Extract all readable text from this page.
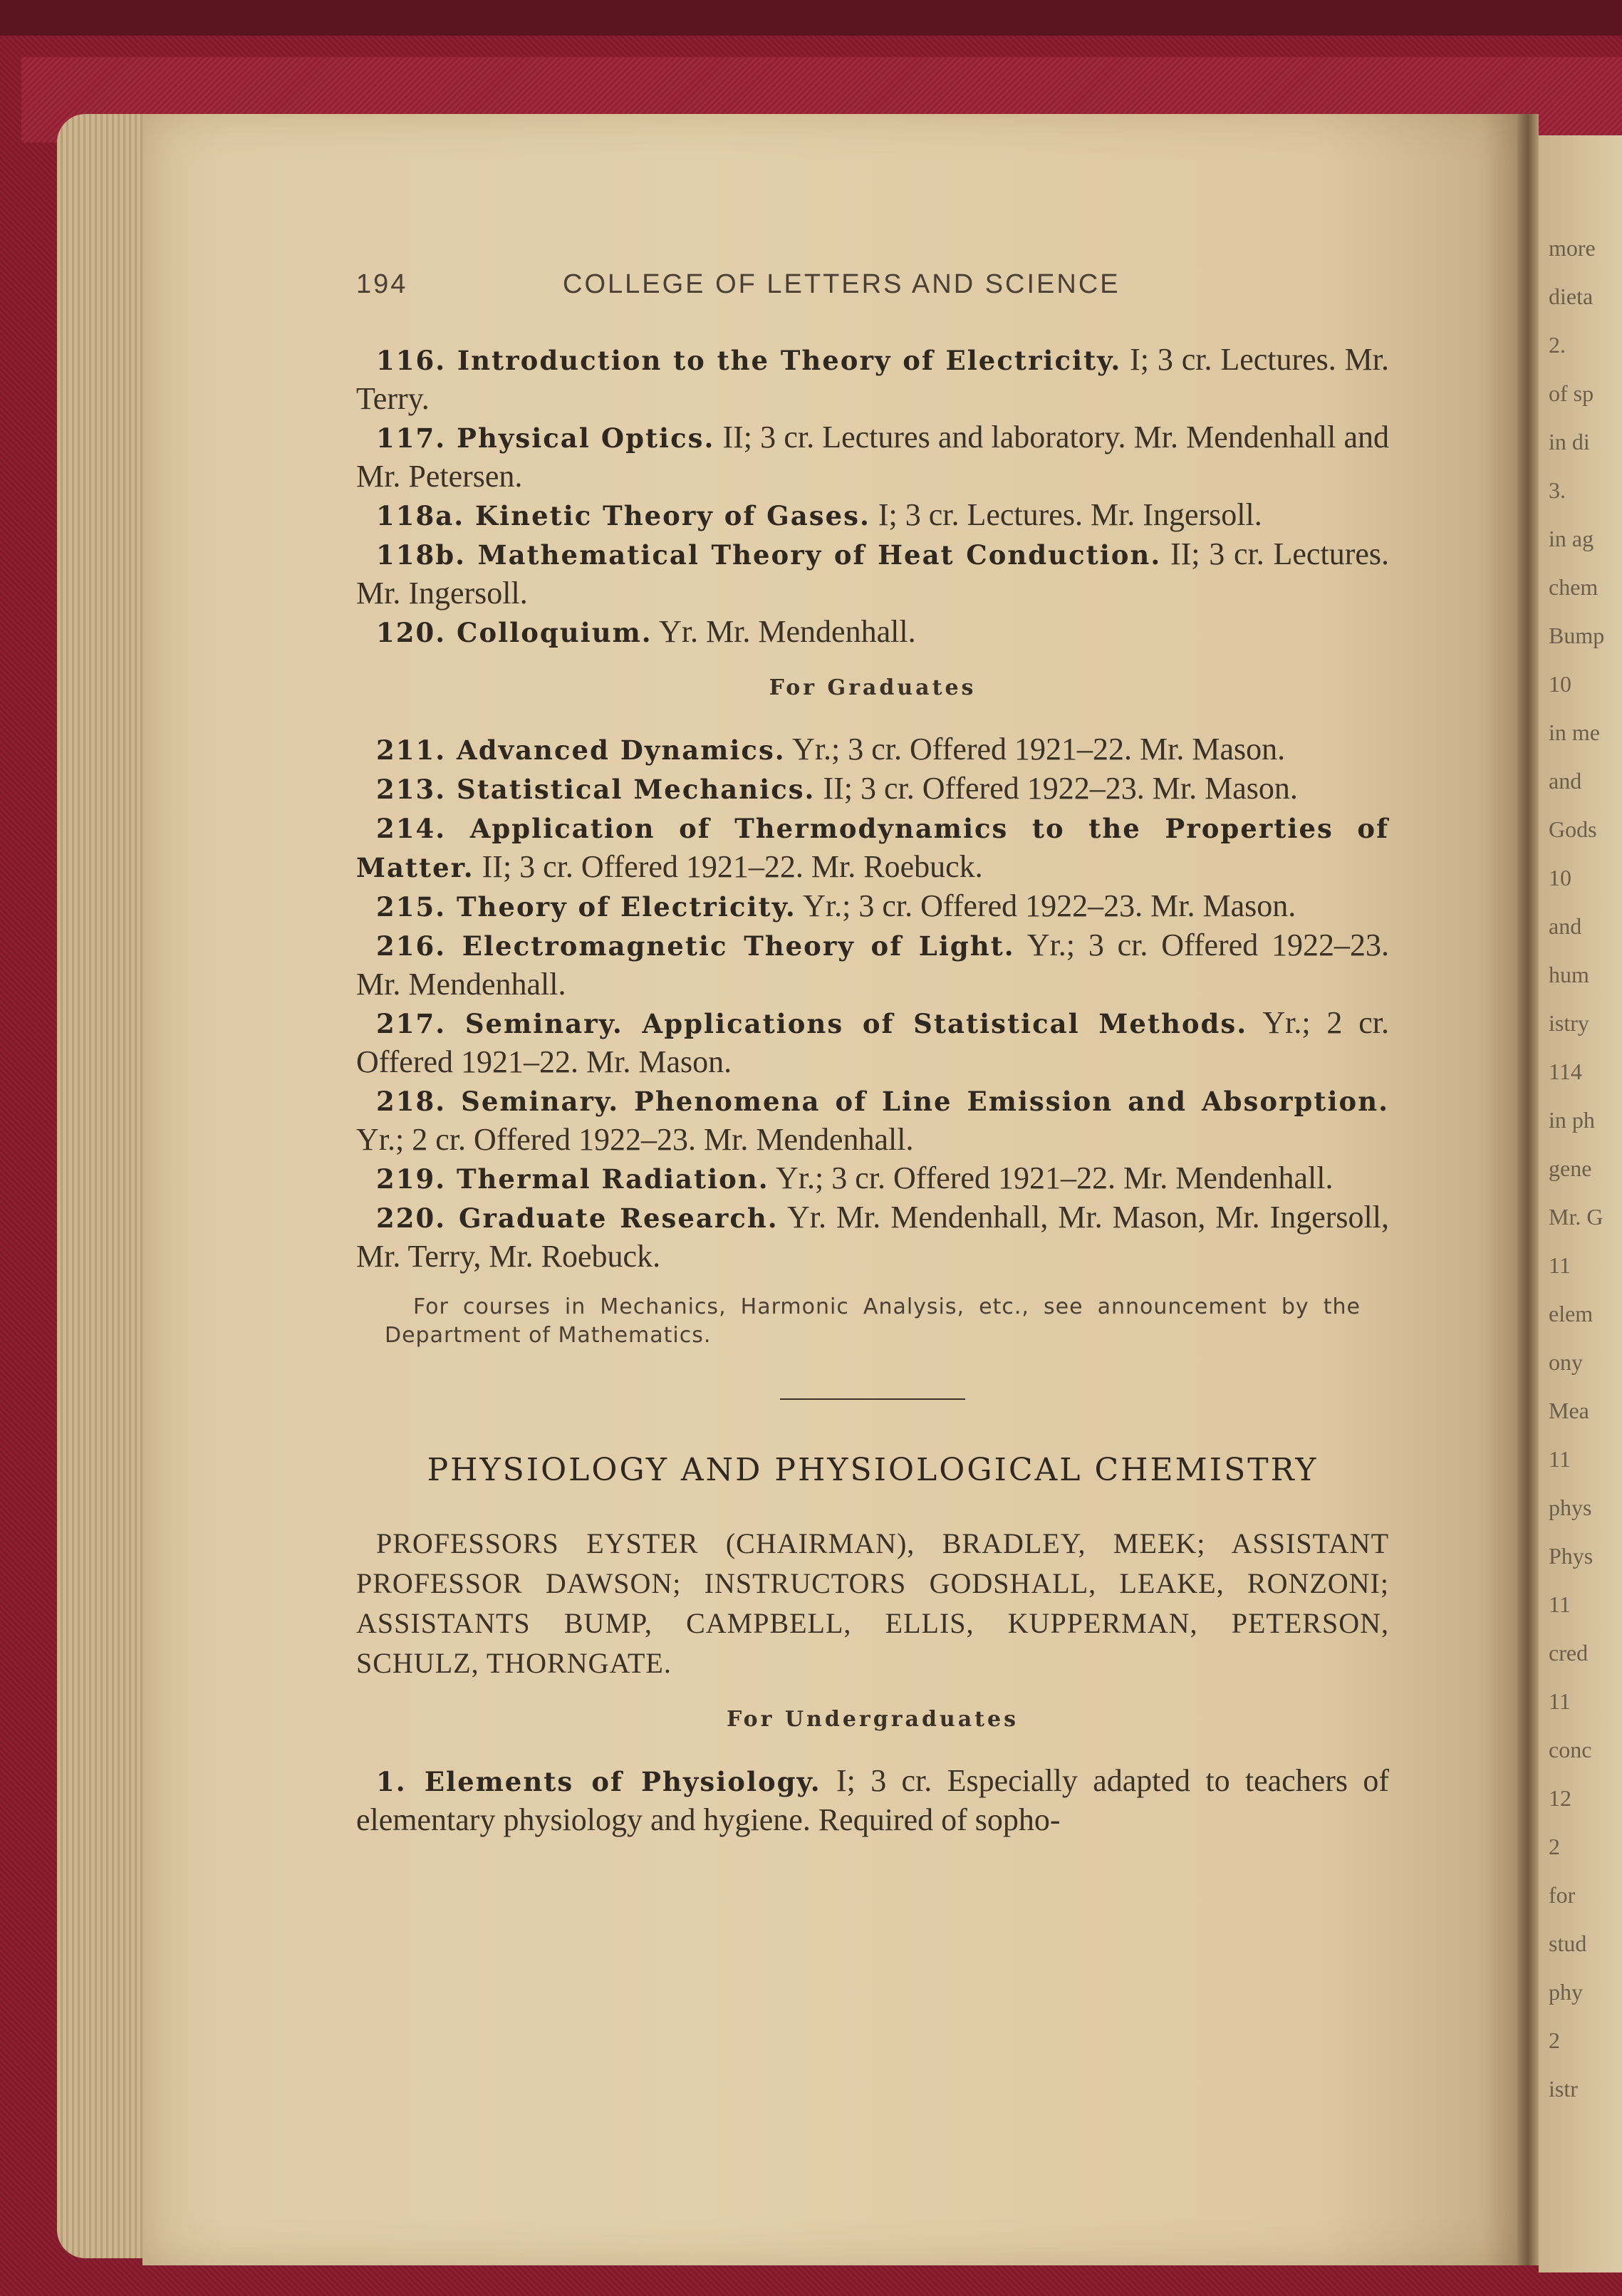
more
dieta
2.
of sp
in di
3.
in ag
chem
Bump
10
in me
and
Gods
10
and
hum
istry
114
in ph
gene
Mr. G
11
elem
ony
Mea
11
phys
Phys
11
cred
11
conc
12
2
for
stud
phy
2
istr
194	COLLEGE OF LETTERS AND SCIENCE

116. Introduction to the Theory of Electricity. I; 3 cr. Lectures. Mr. Terry.

117. Physical Optics. II; 3 cr. Lectures and laboratory. Mr. Mendenhall and Mr. Petersen.

118a. Kinetic Theory of Gases. I; 3 cr. Lectures. Mr. Ingersoll.

118b. Mathematical Theory of Heat Conduction. II; 3 cr. Lectures. Mr. Ingersoll.

120. Colloquium. Yr. Mr. Mendenhall.

For Graduates

211. Advanced Dynamics. Yr.; 3 cr. Offered 1921–22. Mr. Mason.

213. Statistical Mechanics. II; 3 cr. Offered 1922–23. Mr. Mason.

214. Application of Thermodynamics to the Properties of Matter. II; 3 cr. Offered 1921–22. Mr. Roebuck.

215. Theory of Electricity. Yr.; 3 cr. Offered 1922–23. Mr. Mason.

216. Electromagnetic Theory of Light. Yr.; 3 cr. Offered 1922–23. Mr. Mendenhall.

217. Seminary. Applications of Statistical Methods. Yr.; 2 cr. Offered 1921–22. Mr. Mason.

218. Seminary. Phenomena of Line Emission and Absorption. Yr.; 2 cr. Offered 1922–23. Mr. Mendenhall.

219. Thermal Radiation. Yr.; 3 cr. Offered 1921–22. Mr. Mendenhall.

220. Graduate Research. Yr. Mr. Mendenhall, Mr. Mason, Mr. Ingersoll, Mr. Terry, Mr. Roebuck.

For courses in Mechanics, Harmonic Analysis, etc., see announcement by the Department of Mathematics.

PHYSIOLOGY AND PHYSIOLOGICAL CHEMISTRY

PROFESSORS EYSTER (CHAIRMAN), BRADLEY, MEEK; ASSISTANT PROFESSOR DAWSON; INSTRUCTORS GODSHALL, LEAKE, RONZONI; ASSISTANTS BUMP, CAMPBELL, ELLIS, KUPPERMAN, PETERSON, SCHULZ, THORNGATE.

For Undergraduates

1. Elements of Physiology. I; 3 cr. Especially adapted to teachers of elementary physiology and hygiene. Required of sopho-
